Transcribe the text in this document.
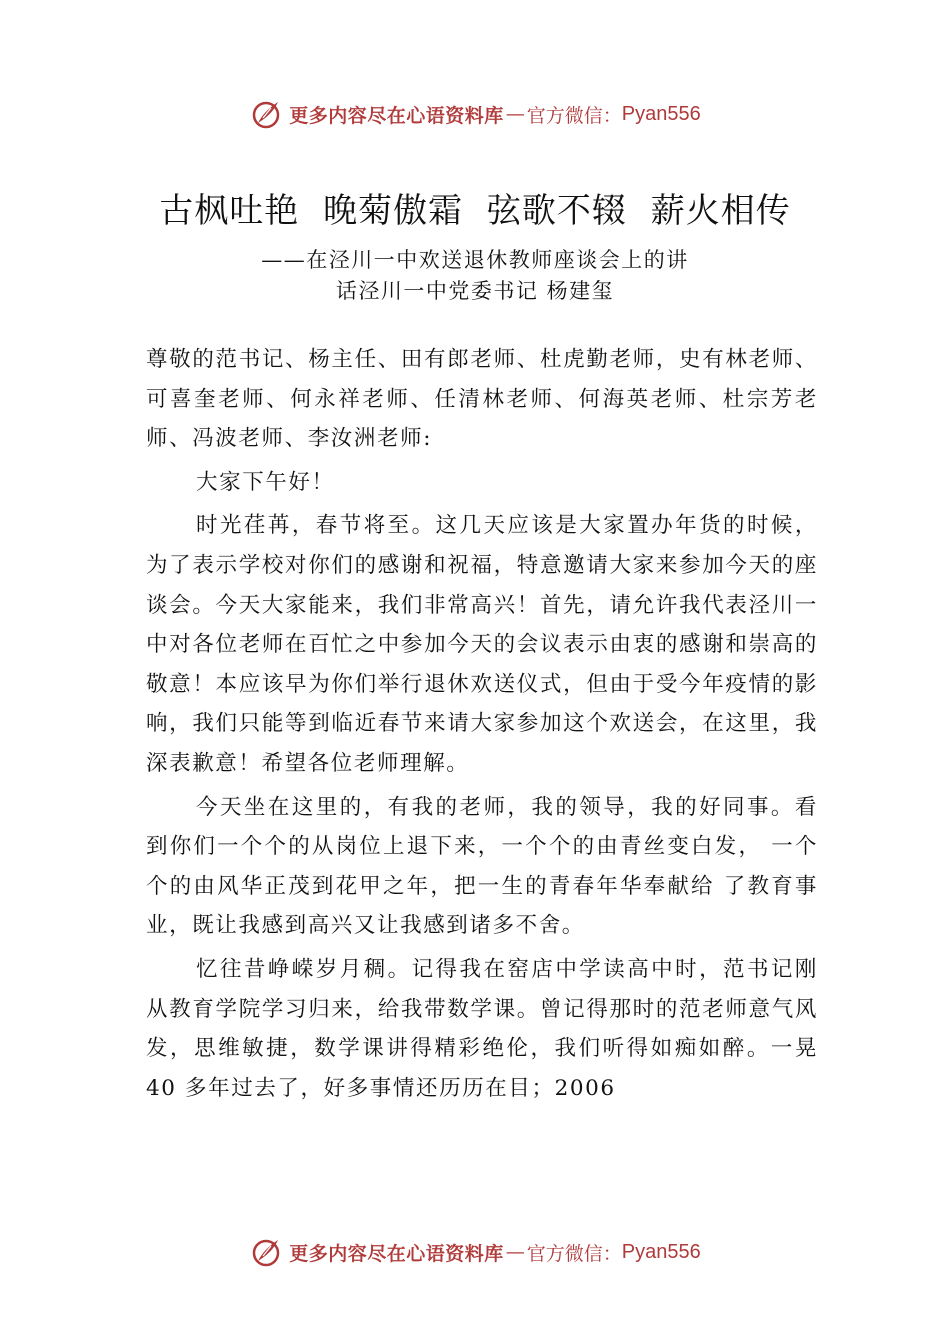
更多内容尽在心语资料库 — 官方微信： Pyan556
古枫吐艳 晚菊傲霜 弦歌不辍 薪火相传
——在泾川一中欢送退休教师座谈会上的讲
话泾川一中党委书记 杨建玺

尊敬的范书记、杨主任、田有郎老师、杜虎勤老师，史有林老师、可喜奎老师、何永祥老师、任清林老师、何海英老师、杜宗芳老师、冯波老师、李汝洲老师:

大家下午好！

时光荏苒，春节将至。这几天应该是大家置办年货的时候，为了表示学校对你们的感谢和祝福，特意邀请大家来参加今天的座谈会。今天大家能来，我们非常高兴！首先，请允许我代表泾川一中对各位老师在百忙之中参加今天的会议表示由衷的感谢和崇高的敬意！本应该早为你们举行退休欢送仪式，但由于受今年疫情的影响，我们只能等到临近春节来请大家参加这个欢送会，在这里，我深表歉意！希望各位老师理解。

今天坐在这里的，有我的老师，我的领导，我的好同事。看到你们一个个的从岗位上退下来，一个个的由青丝变白发， 一个个的由风华正茂到花甲之年，把一生的青春年华奉献给 了教育事业，既让我感到高兴又让我感到诸多不舍。

忆往昔峥嵘岁月稠。记得我在窑店中学读高中时，范书记刚从教育学院学习归来，给我带数学课。曾记得那时的范老师意气风发，思维敏捷，数学课讲得精彩绝伦，我们听得如痴如醉。一晃 40 多年过去了，好多事情还历历在目；2006

更多内容尽在心语资料库 — 官方微信： Pyan556
